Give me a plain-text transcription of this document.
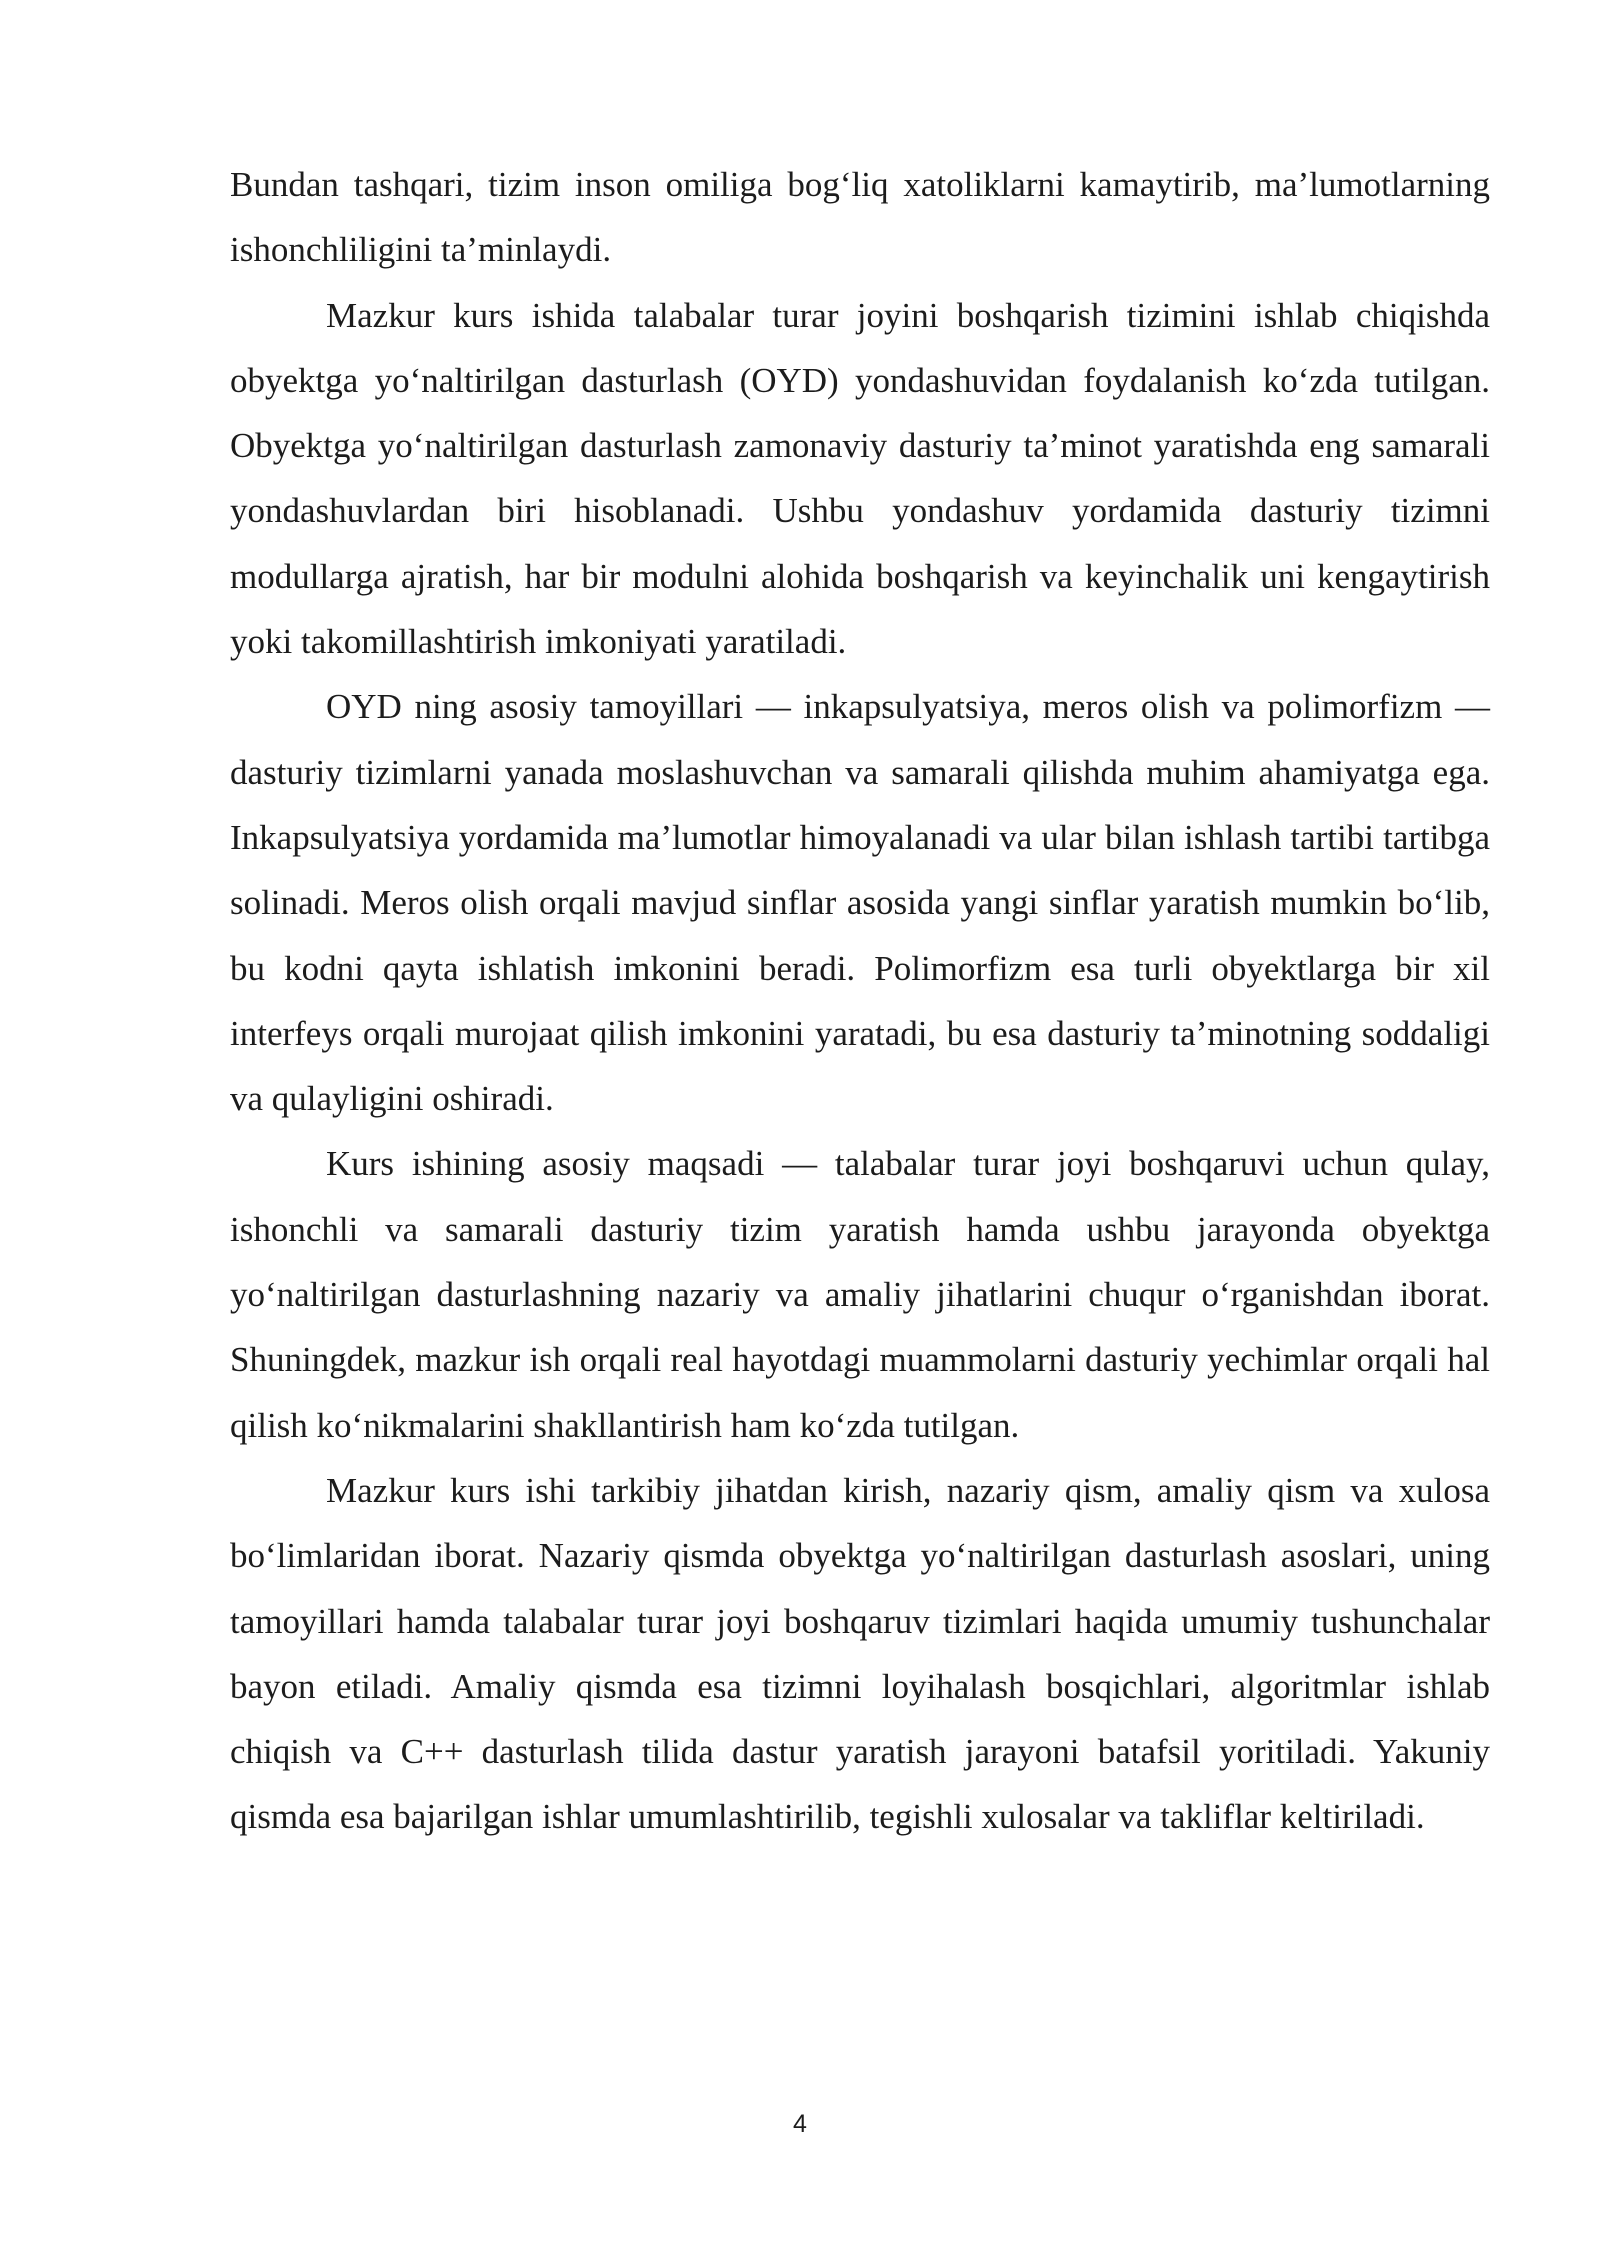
Bundan tashqari, tizim inson omiliga bog‘liq xatoliklarni kamaytirib, ma’lumotlarning ishonchliligini ta’minlaydi.

Mazkur kurs ishida talabalar turar joyini boshqarish tizimini ishlab chiqishda obyektga yo‘naltirilgan dasturlash (OYD) yondashuvidan foydalanish ko‘zda tutilgan. Obyektga yo‘naltirilgan dasturlash zamonaviy dasturiy ta’minot yaratishda eng samarali yondashuvlardan biri hisoblanadi. Ushbu yondashuv yordamida dasturiy tizimni modullarga ajratish, har bir modulni alohida boshqarish va keyinchalik uni kengaytirish yoki takomillashtirish imkoniyati yaratiladi.

OYD ning asosiy tamoyillari — inkapsulyatsiya, meros olish va polimorfizm — dasturiy tizimlarni yanada moslashuvchan va samarali qilishda muhim ahamiyatga ega. Inkapsulyatsiya yordamida ma’lumotlar himoyalanadi va ular bilan ishlash tartibi tartibga solinadi. Meros olish orqali mavjud sinflar asosida yangi sinflar yaratish mumkin bo‘lib, bu kodni qayta ishlatish imkonini beradi. Polimorfizm esa turli obyektlarga bir xil interfeys orqali murojaat qilish imkonini yaratadi, bu esa dasturiy ta’minotning soddaligi va qulayligini oshiradi.

Kurs ishining asosiy maqsadi — talabalar turar joyi boshqaruvi uchun qulay, ishonchli va samarali dasturiy tizim yaratish hamda ushbu jarayonda obyektga yo‘naltirilgan dasturlashning nazariy va amaliy jihatlarini chuqur o‘rganishdan iborat. Shuningdek, mazkur ish orqali real hayotdagi muammolarni dasturiy yechimlar orqali hal qilish ko‘nikmalarini shakllantirish ham ko‘zda tutilgan.

Mazkur kurs ishi tarkibiy jihatdan kirish, nazariy qism, amaliy qism va xulosa bo‘limlaridan iborat. Nazariy qismda obyektga yo‘naltirilgan dasturlash asoslari, uning tamoyillari hamda talabalar turar joyi boshqaruv tizimlari haqida umumiy tushunchalar bayon etiladi. Amaliy qismda esa tizimni loyihalash bosqichlari, algoritmlar ishlab chiqish va C++ dasturlash tilida dastur yaratish jarayoni batafsil yoritiladi. Yakuniy qismda esa bajarilgan ishlar umumlashtirilib, tegishli xulosalar va takliflar keltiriladi.

4
